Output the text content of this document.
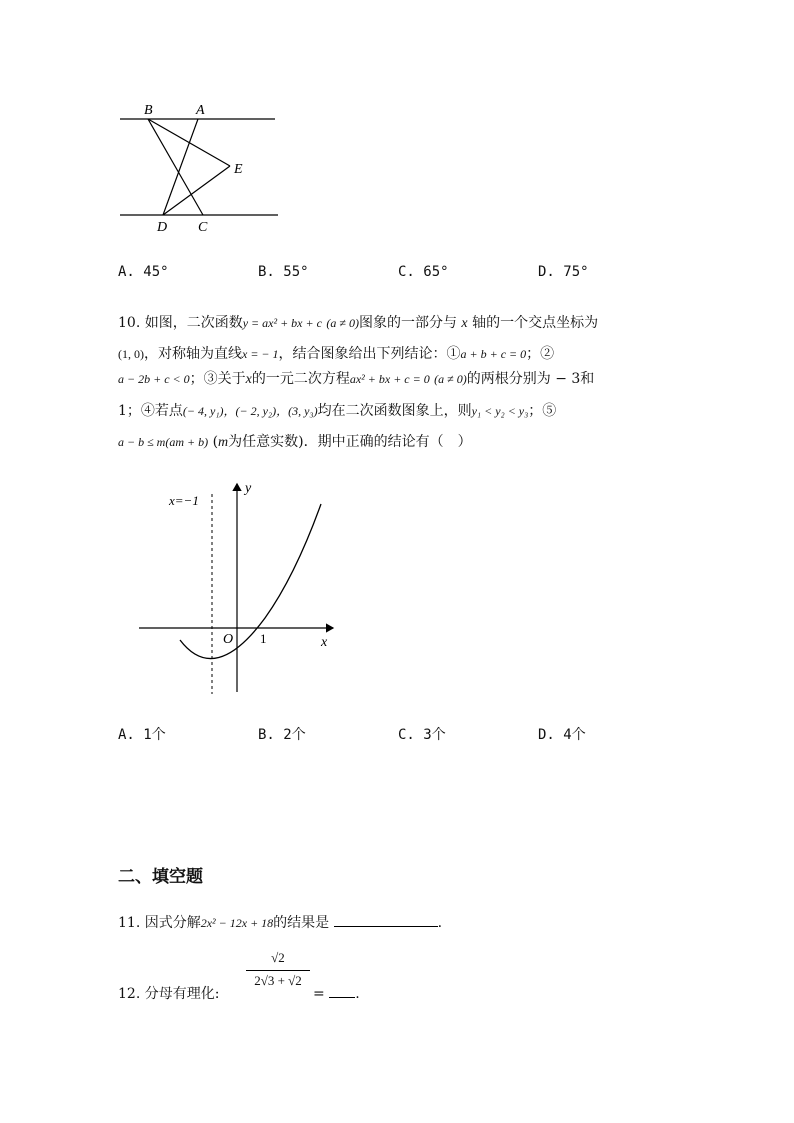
B	A
E
D C
A. 45°	B. 55°	C. 65°	D. 75°
10. 如图，二次函数y = ax² + bx + c (a ≠ 0)图象的一部分与 x 轴的一个交点坐标为
(1, 0)，对称轴为直线x = − 1，结合图象给出下列结论：①a + b + c = 0；②
a − 2b + c < 0；③关于x的一元二次方程ax² + bx + c = 0 (a ≠ 0)的两根分别为 − 3和
1；④若点(− 4, y₁)，(− 2, y₂)，(3, y₃)均在二次函数图象上，则y₁ < y₂ < y₃；⑤
a − b ≤ m(am + b) (m为任意实数)．期中正确的结论有（　）
x=−1
y
x
O 1
A. 1个	B. 2个	C. 3个	D. 4个
二、填空题
11. 因式分解2x² − 12x + 18的结果是	.
12. 分母有理化:
√2
2√3 + √2
= .
